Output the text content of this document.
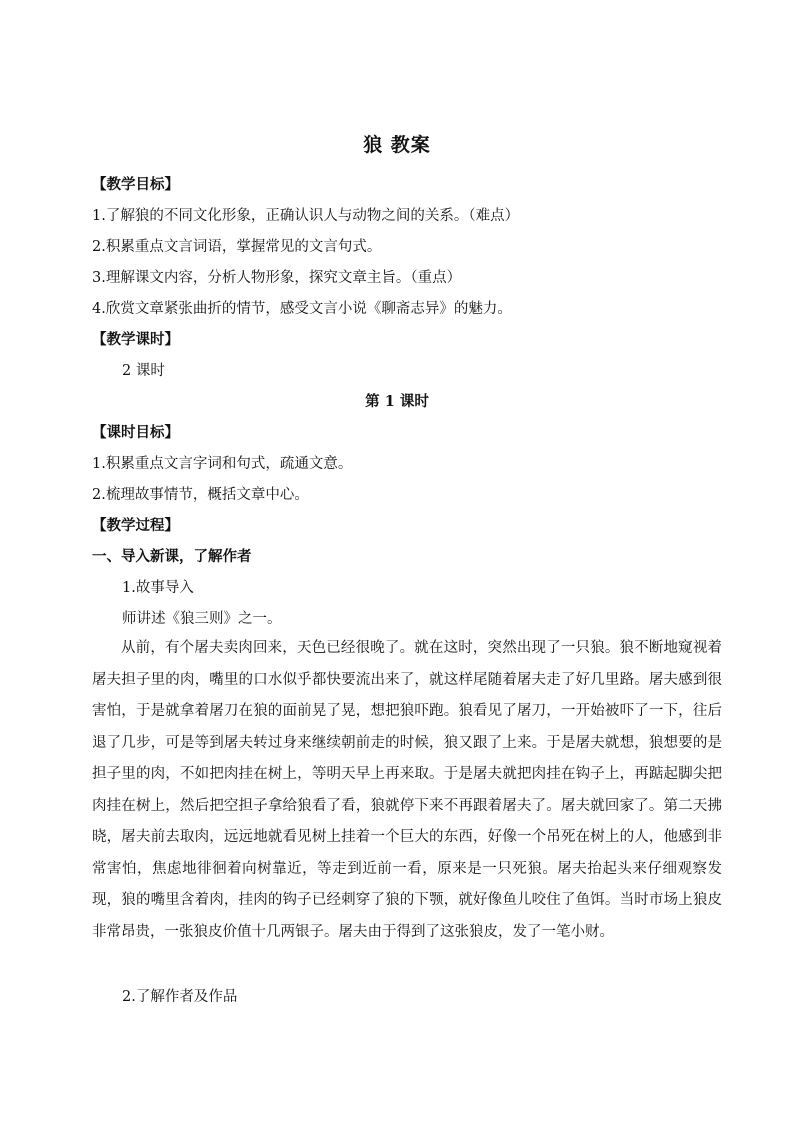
狼 教案
【教学目标】
1.了解狼的不同文化形象，正确认识人与动物之间的关系。（难点）
2.积累重点文言词语，掌握常见的文言句式。
3.理解课文内容，分析人物形象，探究文章主旨。（重点）
4.欣赏文章紧张曲折的情节，感受文言小说《聊斋志异》的魅力。
【教学课时】
2 课时
第 1 课时
【课时目标】
1.积累重点文言字词和句式，疏通文意。
2.梳理故事情节，概括文章中心。
【教学过程】
一、导入新课，了解作者
1.故事导入
师讲述《狼三则》之一。
从前，有个屠夫卖肉回来，天色已经很晚了。就在这时，突然出现了一只狼。狼不断地窥视着屠夫担子里的肉，嘴里的口水似乎都快要流出来了，就这样尾随着屠夫走了好几里路。屠夫感到很害怕，于是就拿着屠刀在狼的面前晃了晃，想把狼吓跑。狼看见了屠刀，一开始被吓了一下，往后退了几步，可是等到屠夫转过身来继续朝前走的时候，狼又跟了上来。于是屠夫就想，狼想要的是担子里的肉，不如把肉挂在树上，等明天早上再来取。于是屠夫就把肉挂在钩子上，再踮起脚尖把肉挂在树上，然后把空担子拿给狼看了看，狼就停下来不再跟着屠夫了。屠夫就回家了。第二天拂晓，屠夫前去取肉，远远地就看见树上挂着一个巨大的东西，好像一个吊死在树上的人，他感到非常害怕，焦虑地徘徊着向树靠近，等走到近前一看，原来是一只死狼。屠夫抬起头来仔细观察发现，狼的嘴里含着肉，挂肉的钩子已经刺穿了狼的下颚，就好像鱼儿咬住了鱼饵。当时市场上狼皮非常昂贵，一张狼皮价值十几两银子。屠夫由于得到了这张狼皮，发了一笔小财。
2.了解作者及作品
